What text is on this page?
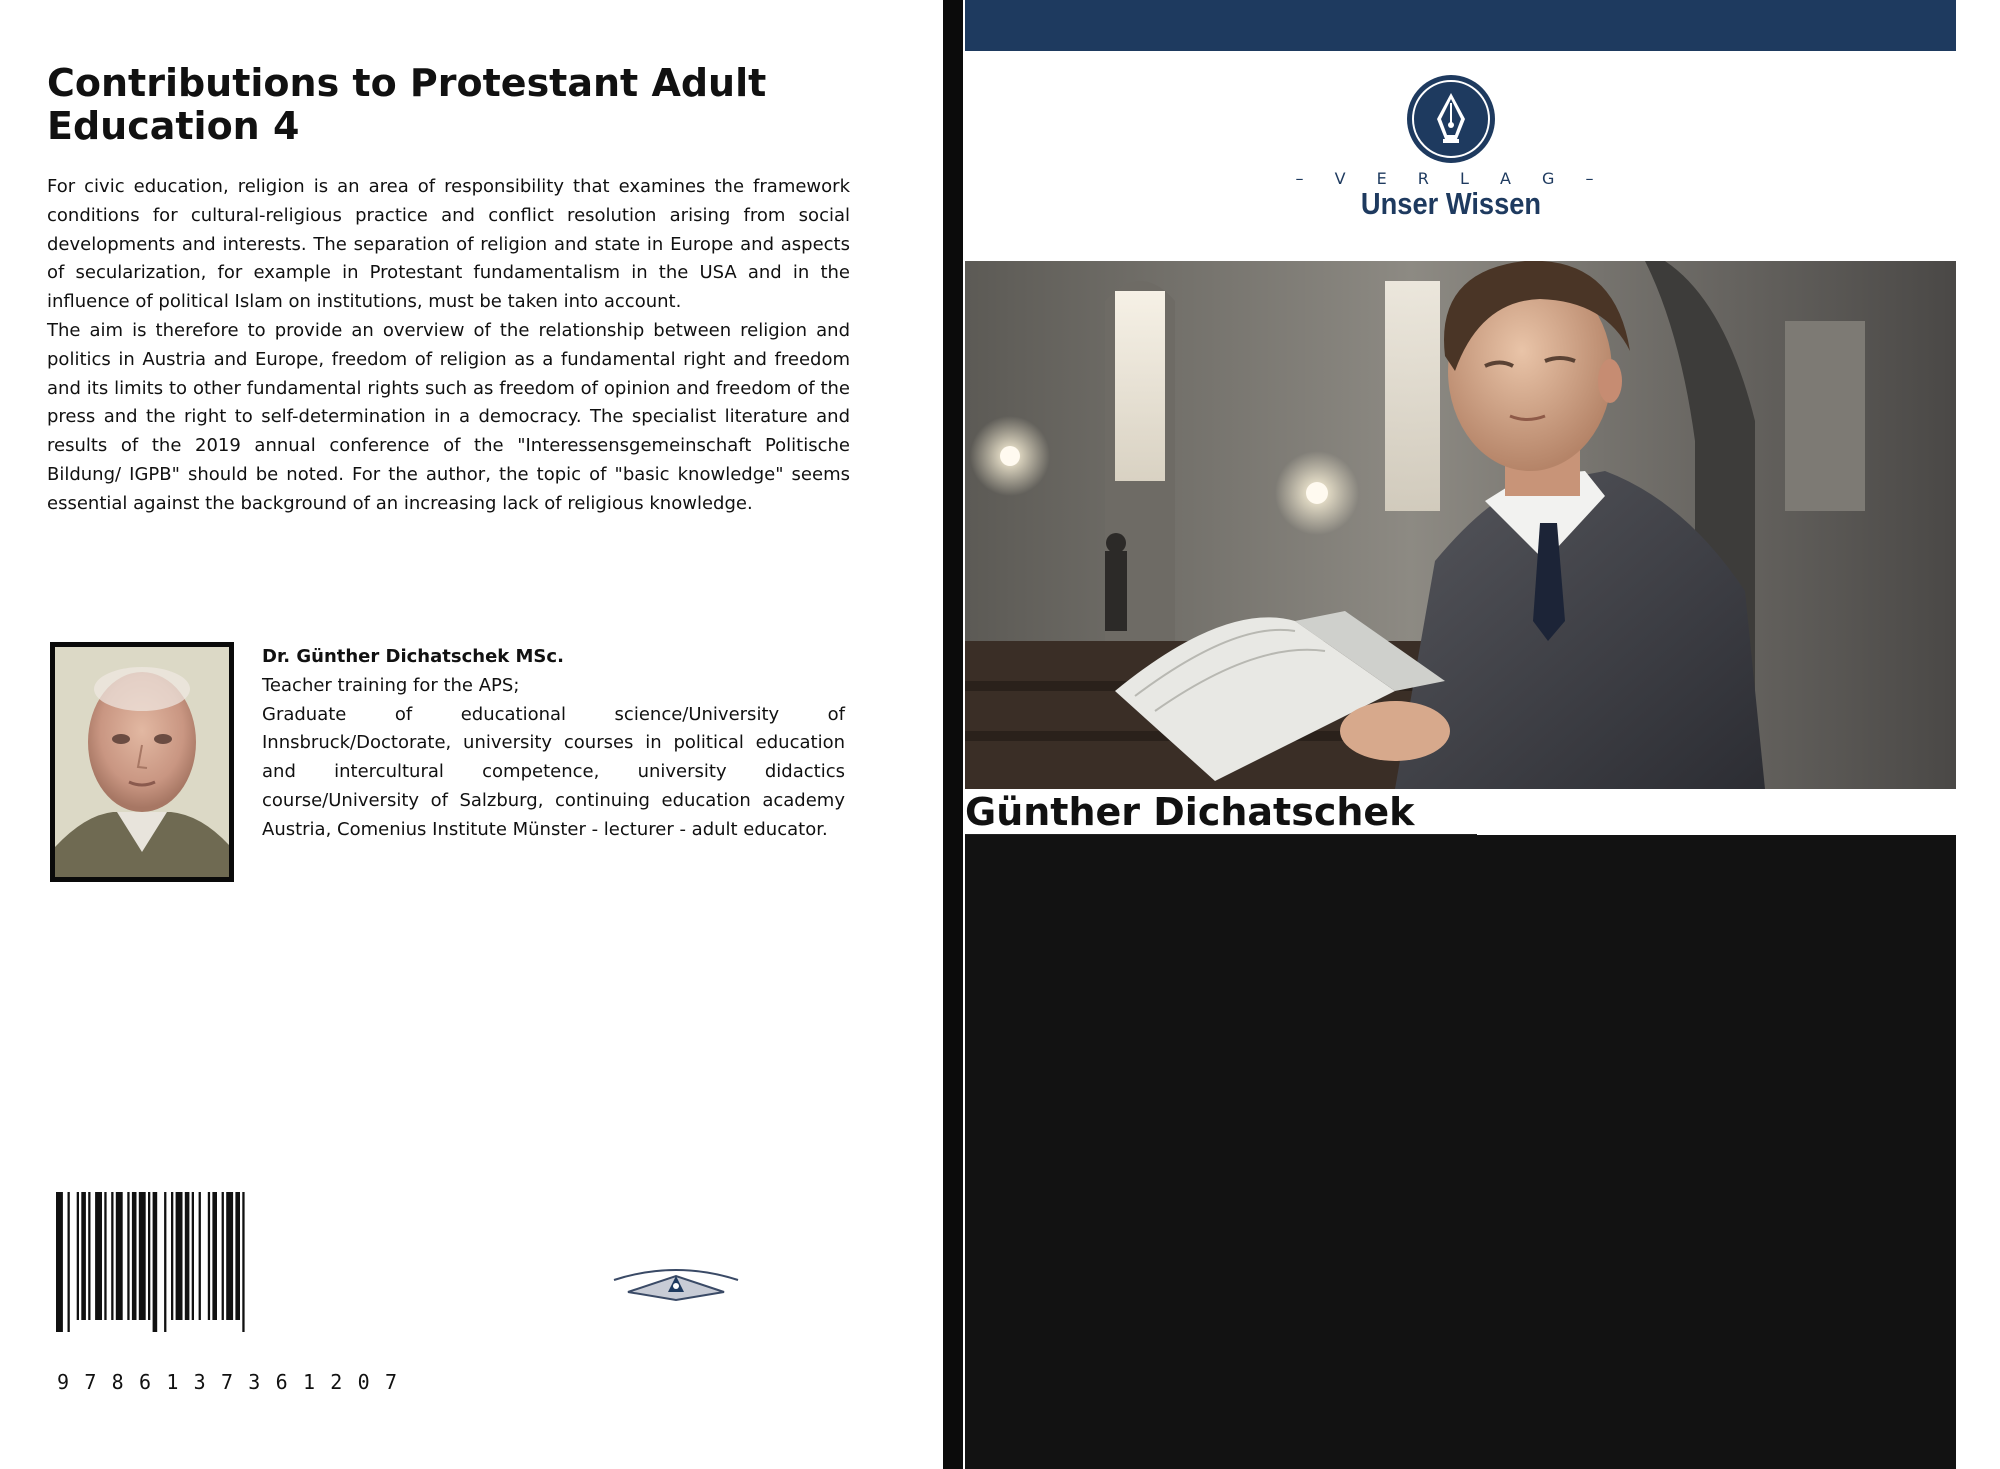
Contributions to Protestant Adult Education 4

For civic education, religion is an area of responsibility that examines the framework conditions for cultural-religious practice and conflict resolution arising from social developments and interests. The separation of religion and state in Europe and aspects of secularization, for example in Protestant fundamentalism in the USA and in the influence of political Islam on institutions, must be taken into account.

The aim is therefore to provide an overview of the relationship between religion and politics in Austria and Europe, freedom of religion as a fundamental right and freedom and its limits to other fundamental rights such as freedom of opinion and freedom of the press and the right to self-determination in a democracy. The specialist literature and results of the 2019 annual conference of the "Interessensgemeinschaft Politische Bildung/ IGPB" should be noted. For the author, the topic of "basic knowledge" seems essential against the background of an increasing lack of religious knowledge.

Dr. Günther Dichatschek MSc.
Teacher training for the APS;
Graduate of educational science/University of Innsbruck/Doctorate, university courses in political education and intercultural competence, university didactics course/University of Salzburg, continuing education academy Austria, Comenius Institute Münster - lecturer - adult educator.
9 7 8 6 1 3 7 3 6 1 2 0 7
– V E R L A G –
Unser Wissen
Günther Dichatschek
